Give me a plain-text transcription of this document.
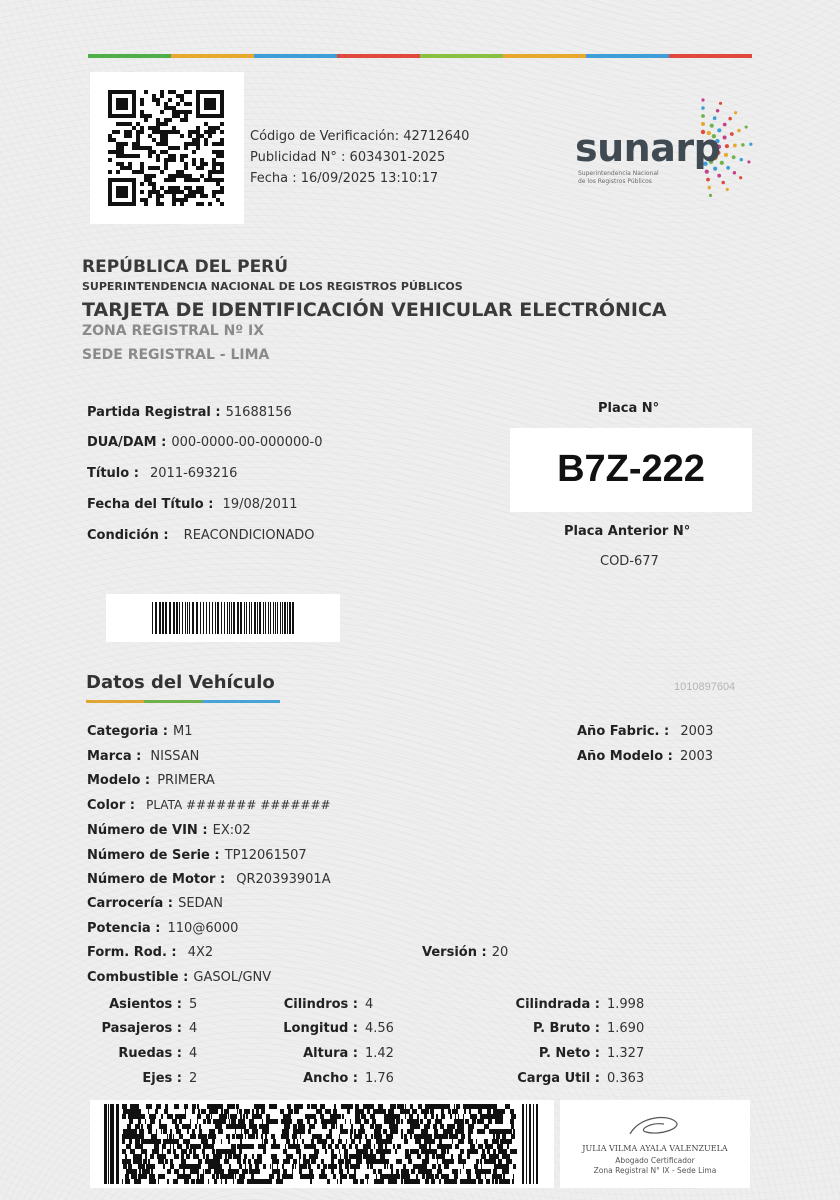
Código de Verificación: 42712640
Publicidad N° : 6034301-2025
Fecha : 16/09/2025 13:10:17
sunarp
Superintendencia Nacional
de los Registros Públicos
REPÚBLICA DEL PERÚ
SUPERINTENDENCIA NACIONAL DE LOS REGISTROS PÚBLICOS
TARJETA DE IDENTIFICACIÓN VEHICULAR ELECTRÓNICA
ZONA REGISTRAL Nº IX
SEDE REGISTRAL - LIMA
Partida Registral : 51688156
DUA/DAM : 000-0000-00-000000-0
Título : 2011-693216
Fecha del Título : 19/08/2011
Condición : REACONDICIONADO
Placa N°
B7Z-222
Placa Anterior N°
COD-677
Datos del Vehículo	1010897604
Categoria : M1
Marca : NISSAN
Modelo : PRIMERA
Color : PLATA ####### #######
Número de VIN : EX:02
Número de Serie : TP12061507
Número de Motor : QR20393901A
Carrocería : SEDAN
Potencia : 110@6000
Form. Rod. : 4X2	Versión : 20
Combustible : GASOL/GNV
Año Fabric. : 2003
Año Modelo : 2003
Asientos : 5
Pasajeros : 4
Ruedas : 4
Ejes : 2
Cilindros : 4
Longitud : 4.56
Altura : 1.42
Ancho : 1.76
Cilindrada : 1.998
P. Bruto : 1.690
P. Neto : 1.327
Carga Util : 0.363
JULIA VILMA AYALA VALENZUELA
Abogado Certificador
Zona Registral N° IX - Sede Lima
